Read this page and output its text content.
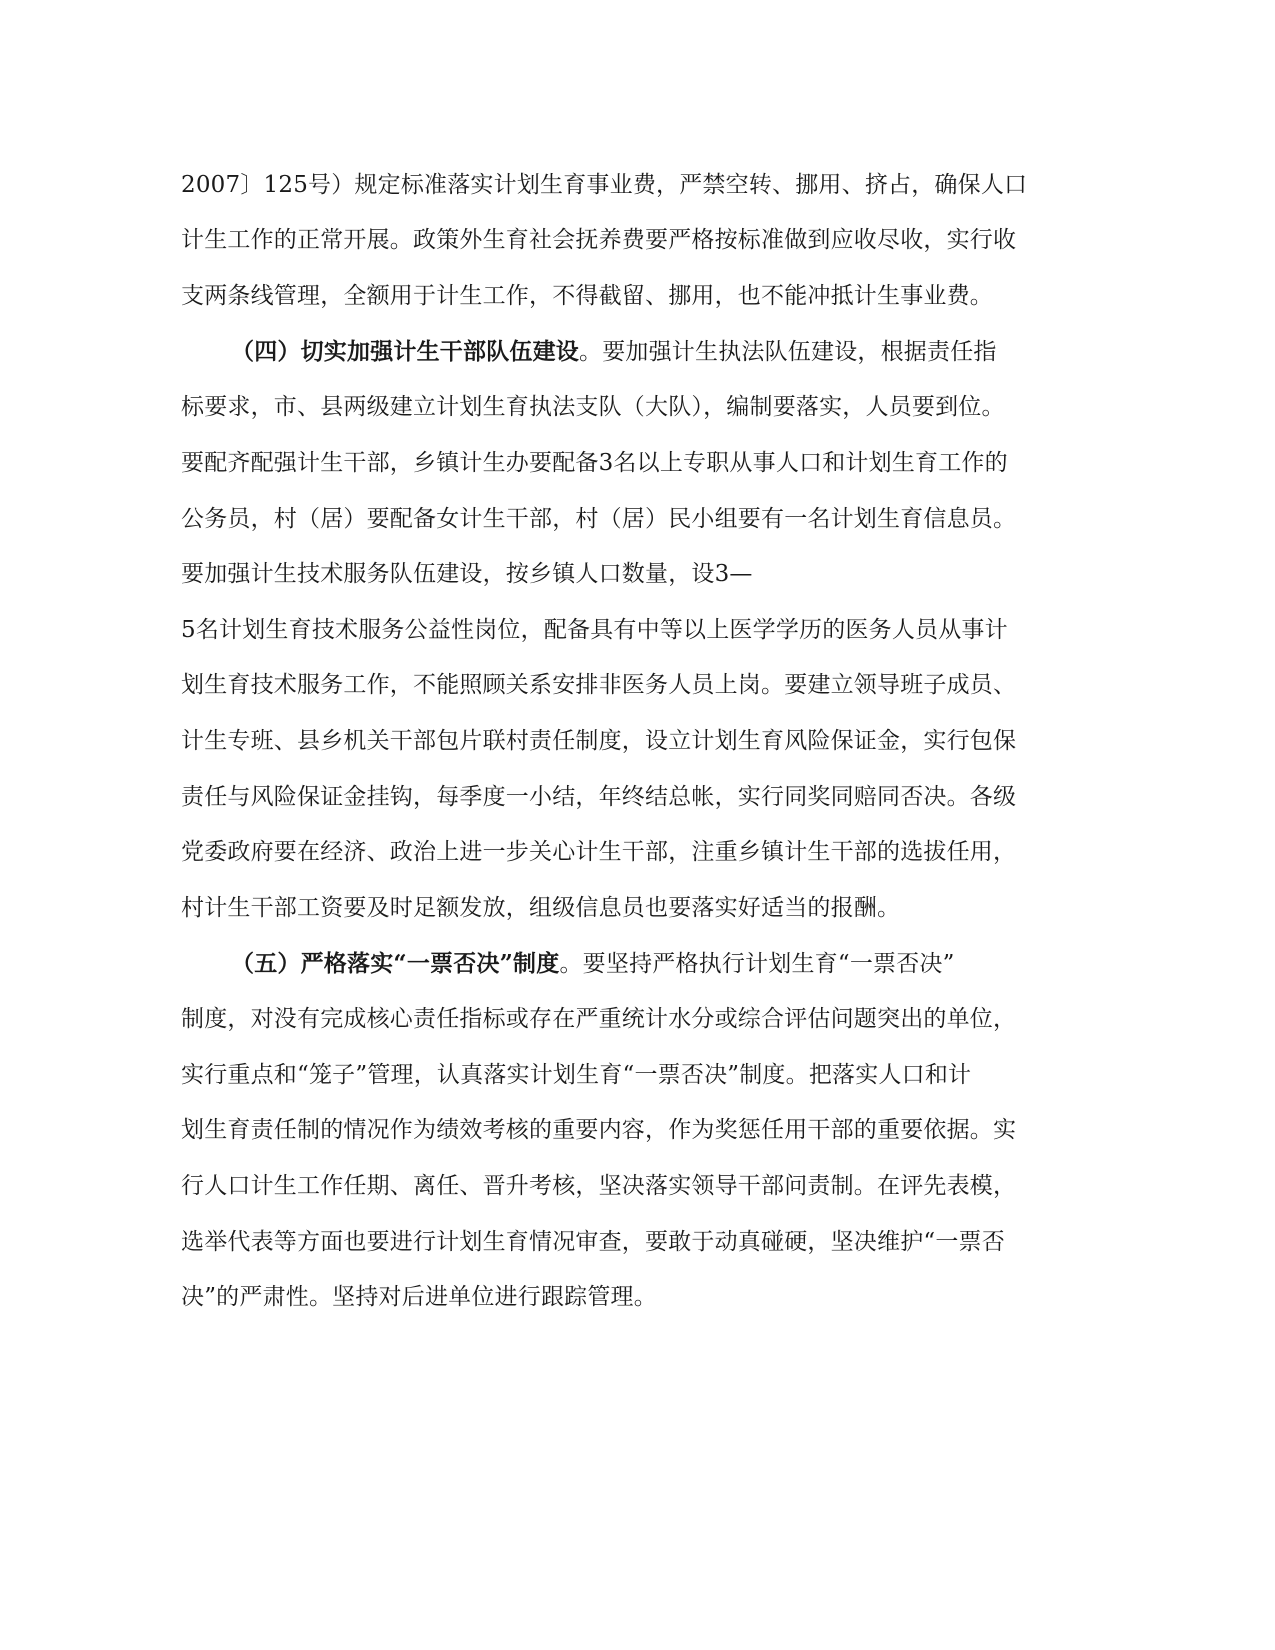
2007〕125号）规定标准落实计划生育事业费，严禁空转、挪用、挤占，确保人口
计生工作的正常开展。政策外生育社会抚养费要严格按标准做到应收尽收，实行收
支两条线管理，全额用于计生工作，不得截留、挪用，也不能冲抵计生事业费。
（四）切实加强计生干部队伍建设。要加强计生执法队伍建设，根据责任指
标要求，市、县两级建立计划生育执法支队（大队），编制要落实，人员要到位。
要配齐配强计生干部，乡镇计生办要配备3名以上专职从事人口和计划生育工作的
公务员，村（居）要配备女计生干部，村（居）民小组要有一名计划生育信息员。
要加强计生技术服务队伍建设，按乡镇人口数量，设3—
5名计划生育技术服务公益性岗位，配备具有中等以上医学学历的医务人员从事计
划生育技术服务工作，不能照顾关系安排非医务人员上岗。要建立领导班子成员、
计生专班、县乡机关干部包片联村责任制度，设立计划生育风险保证金，实行包保
责任与风险保证金挂钩，每季度一小结，年终结总帐，实行同奖同赔同否决。各级
党委政府要在经济、政治上进一步关心计生干部，注重乡镇计生干部的选拔任用，
村计生干部工资要及时足额发放，组级信息员也要落实好适当的报酬。
（五）严格落实“一票否决”制度。要坚持严格执行计划生育“一票否决”
制度，对没有完成核心责任指标或存在严重统计水分或综合评估问题突出的单位，
实行重点和“笼子”管理，认真落实计划生育“一票否决”制度。把落实人口和计
划生育责任制的情况作为绩效考核的重要内容，作为奖惩任用干部的重要依据。实
行人口计生工作任期、离任、晋升考核，坚决落实领导干部问责制。在评先表模，
选举代表等方面也要进行计划生育情况审查，要敢于动真碰硬，坚决维护“一票否
决”的严肃性。坚持对后进单位进行跟踪管理。
